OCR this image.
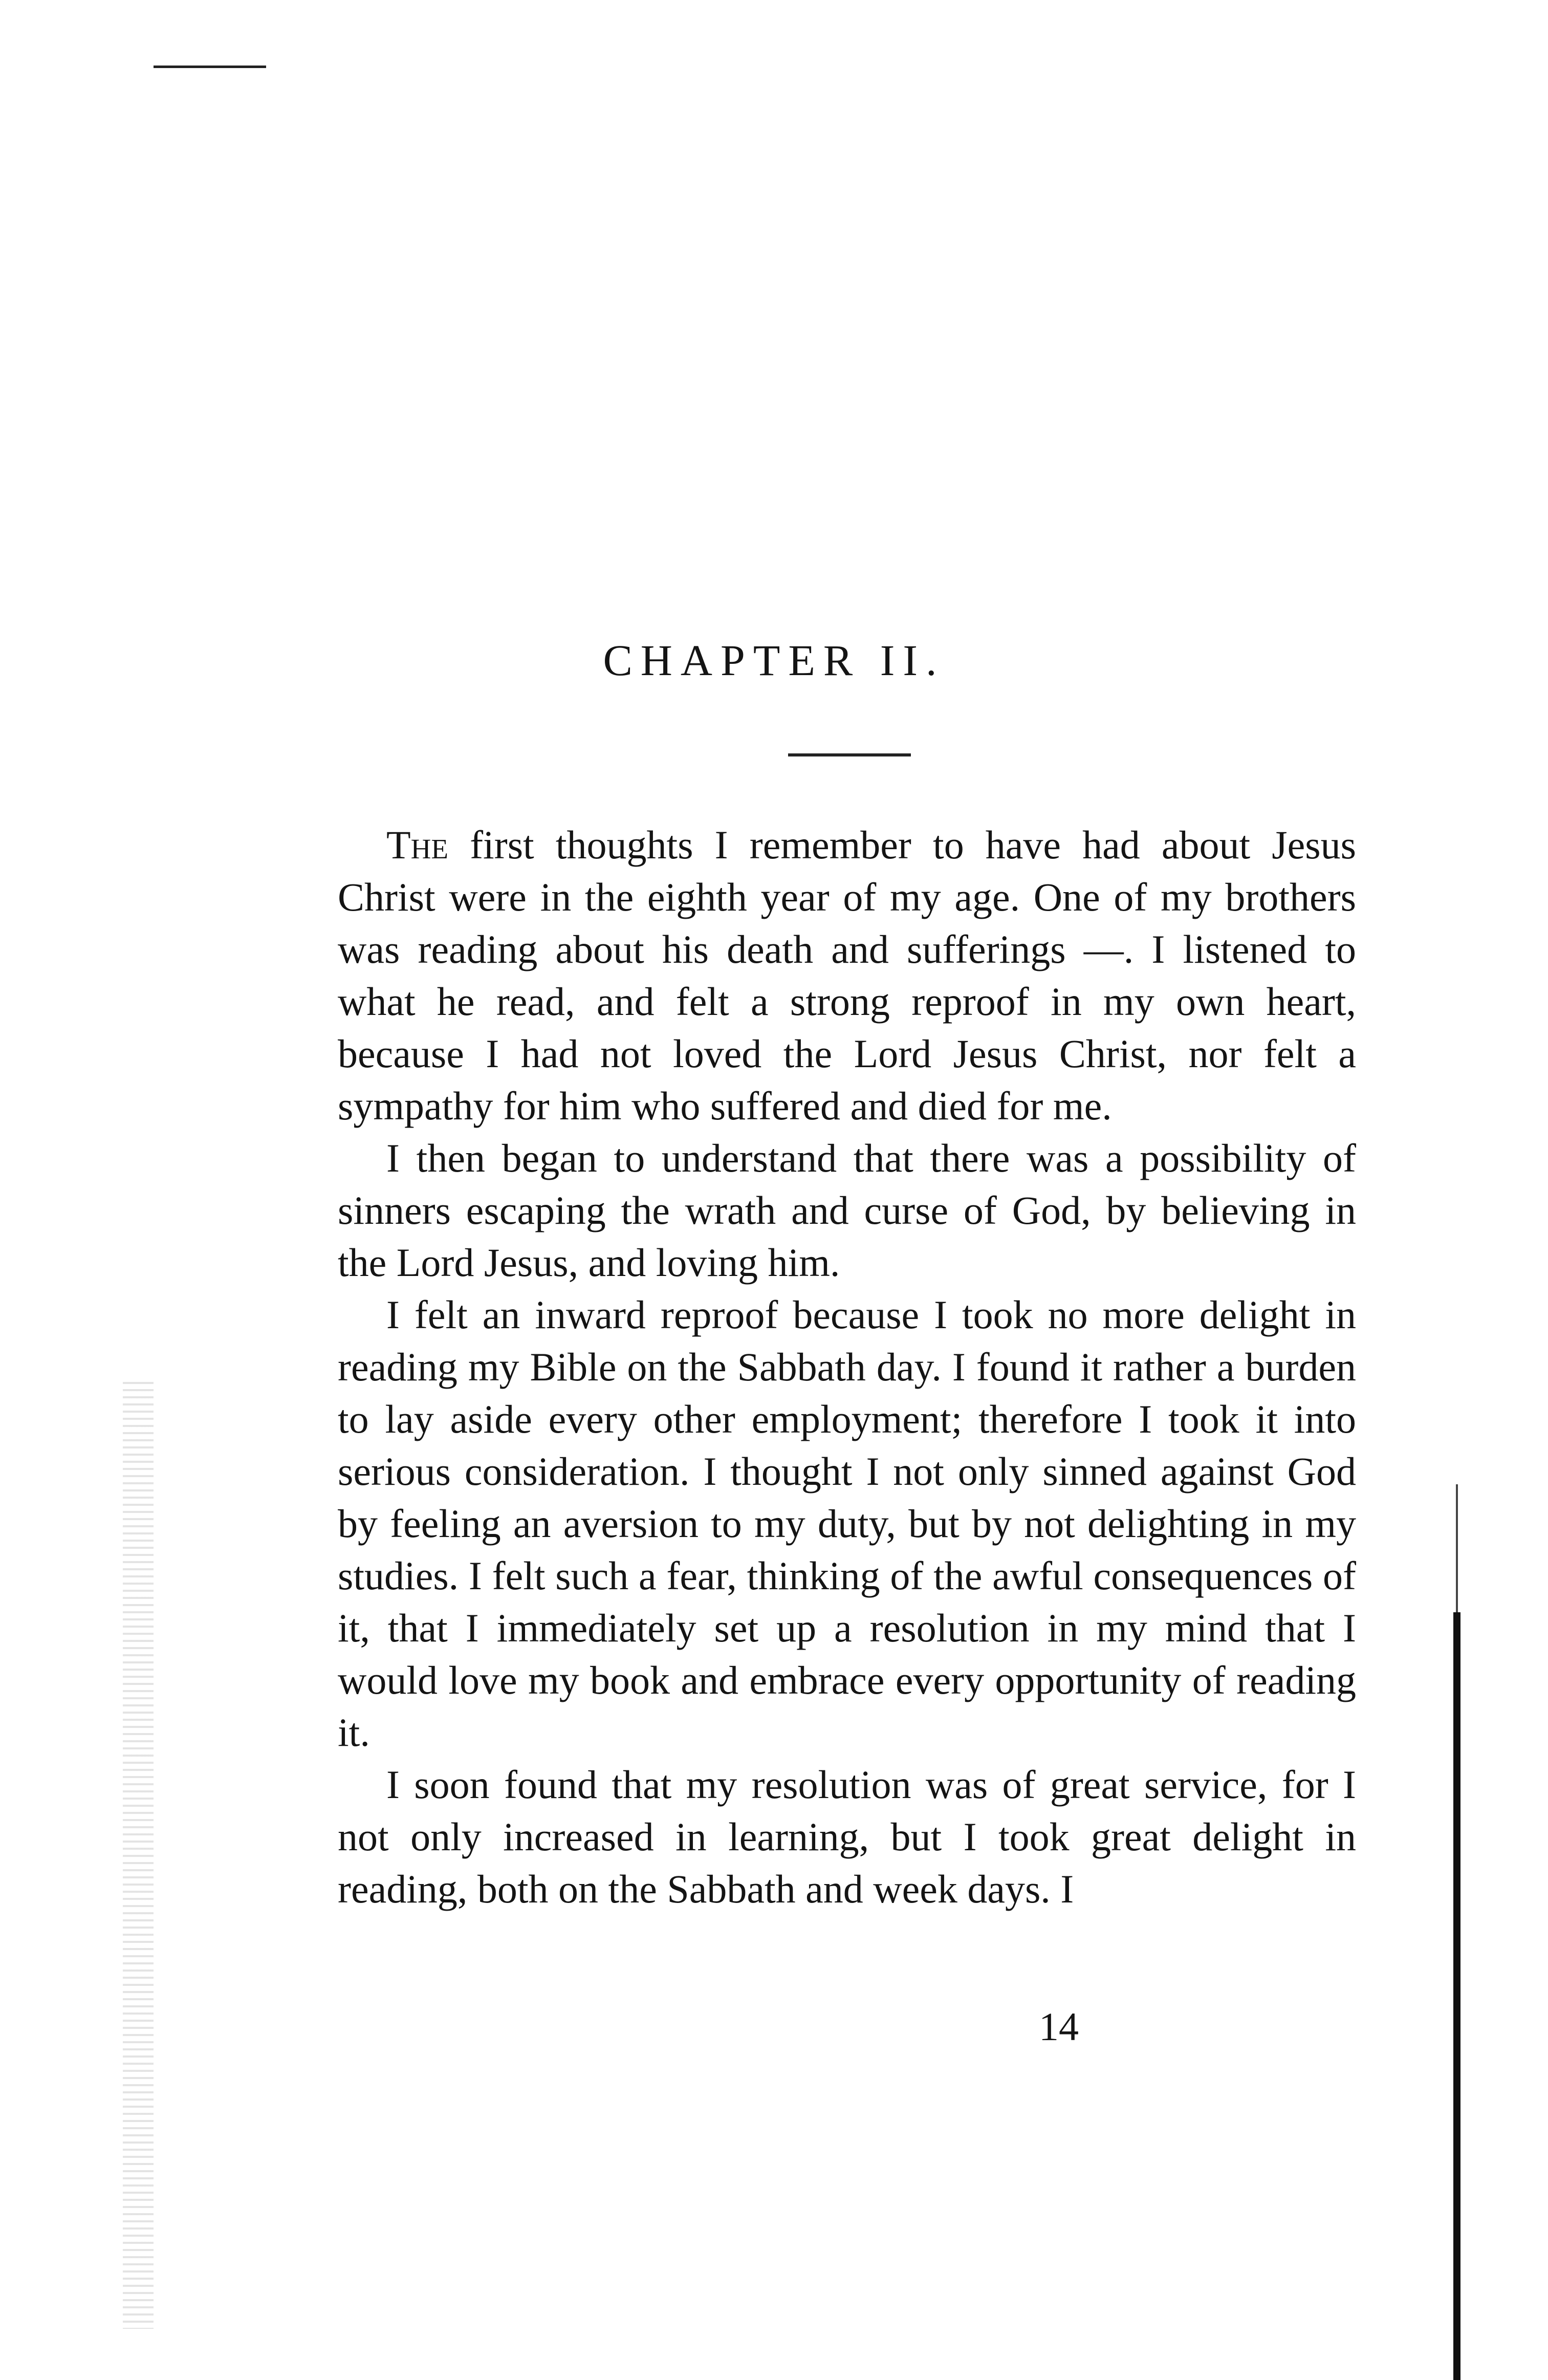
CHAPTER II.

The first thoughts I remember to have had about Jesus Christ were in the eighth year of my age. One of my brothers was reading about his death and sufferings —. I listened to what he read, and felt a strong reproof in my own heart, because I had not loved the Lord Jesus Christ, nor felt a sympathy for him who suffered and died for me.

I then began to understand that there was a possibility of sinners escaping the wrath and curse of God, by believing in the Lord Jesus, and loving him.

I felt an inward reproof because I took no more delight in reading my Bible on the Sabbath day. I found it rather a burden to lay aside every other employment; therefore I took it into serious consideration. I thought I not only sinned against God by feeling an aversion to my duty, but by not delighting in my studies. I felt such a fear, thinking of the awful consequences of it, that I immediately set up a resolution in my mind that I would love my book and embrace every opportunity of reading it.

I soon found that my resolution was of great service, for I not only increased in learning, but I took great delight in reading, both on the Sabbath and week days. I

14
